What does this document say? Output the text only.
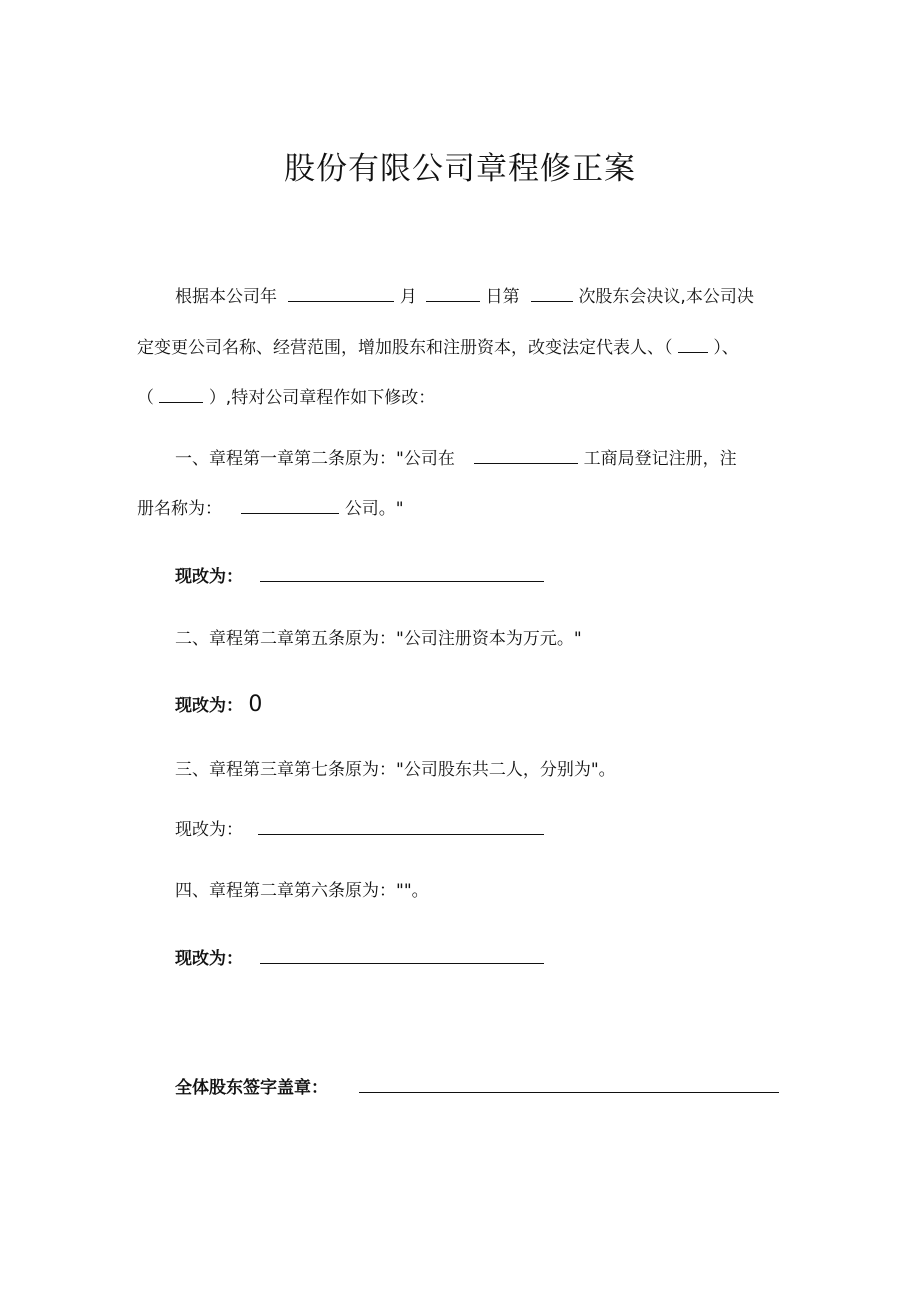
股份有限公司章程修正案
根据本公司年	月	日第	次股东会决议,本公司决
定变更公司名称、经营范围，增加股东和注册资本，改变法定代表人、（ ）、
（	）,特对公司章程作如下修改：
一、章程第一章第二条原为："公司在	工商局登记注册，注
册名称为：	公司。"
现改为：
二、章程第二章第五条原为："公司注册资本为万元。"
现改为： 0
三、章程第三章第七条原为："公司股东共二人，分别为"。
现改为：
四、章程第二章第六条原为：""。
现改为：
全体股东签字盖章：
